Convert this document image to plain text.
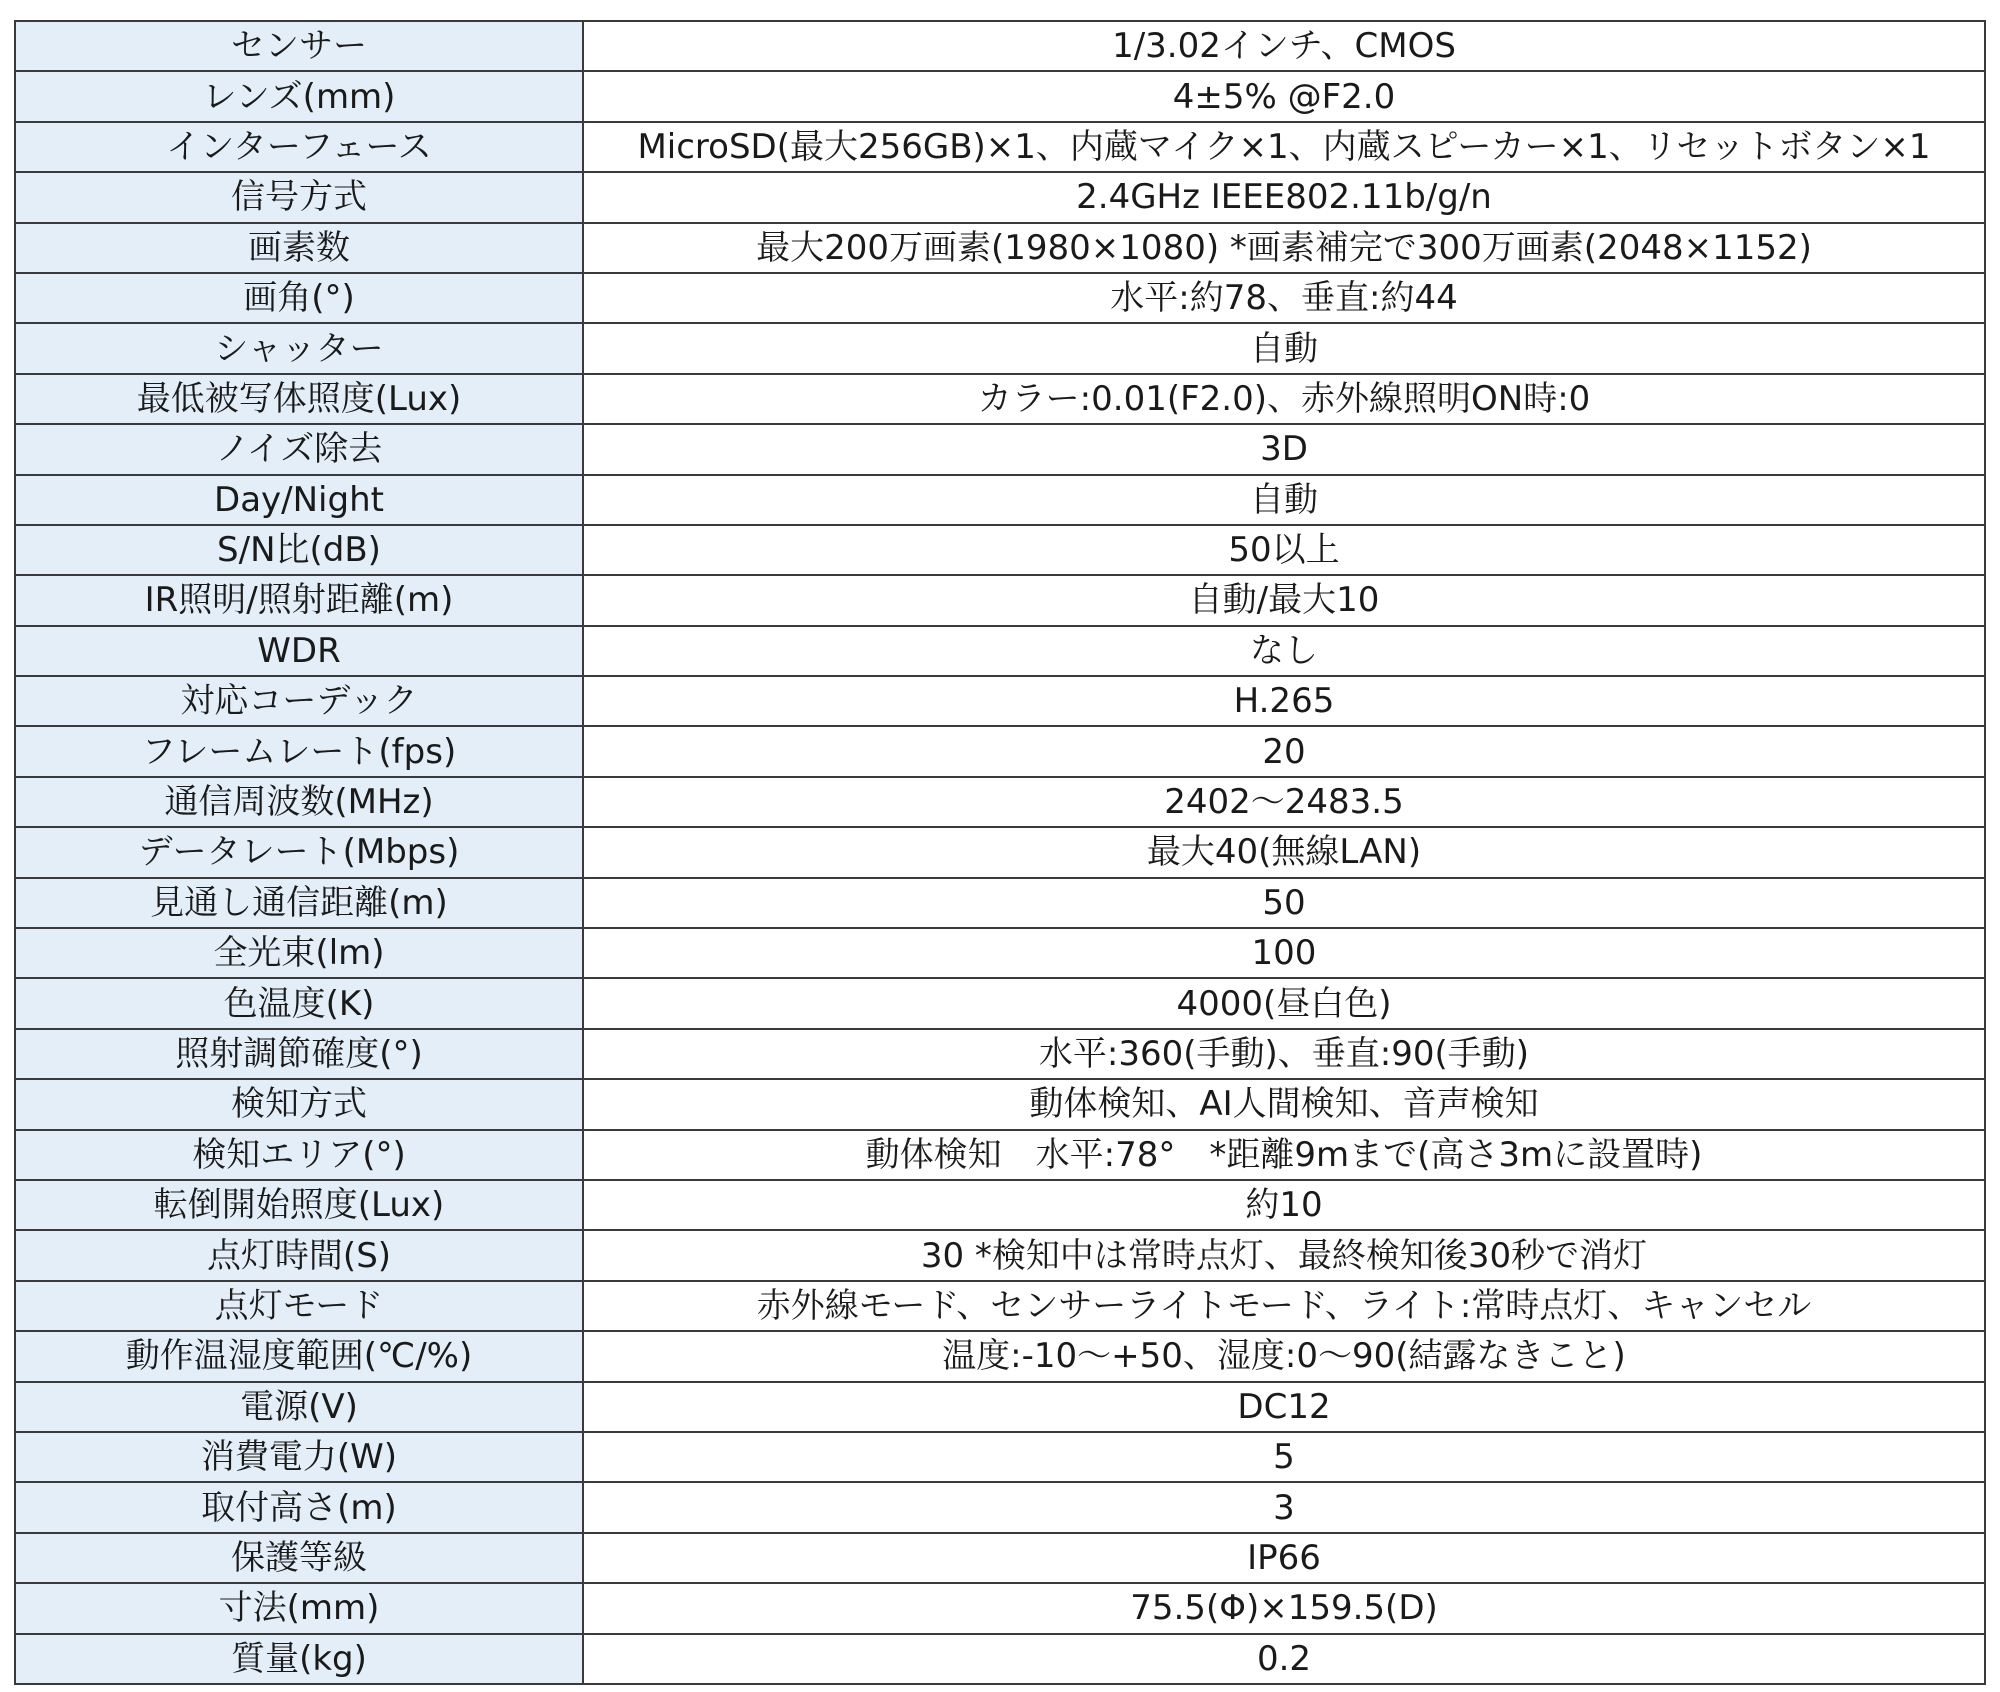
センサー	1/3.02インチ、CMOS
レンズ(mm)	4±5% @F2.0
インターフェース	MicroSD(最大256GB)×1、内蔵マイク×1、内蔵スピーカー×1、リセットボタン×1
信号方式	2.4GHz IEEE802.11b/g/n
画素数	最大200万画素(1980×1080) *画素補完で300万画素(2048×1152)
画角(°)	水平:約78、垂直:約44
シャッター	自動
最低被写体照度(Lux)	カラー:0.01(F2.0)、赤外線照明ON時:0
ノイズ除去	3D
Day/Night	自動
S/N比(dB)	50以上
IR照明/照射距離(m)	自動/最大10
WDR	なし
対応コーデック	H.265
フレームレート(fps)	20
通信周波数(MHz)	2402～2483.5
データレート(Mbps)	最大40(無線LAN)
見通し通信距離(m)	50
全光束(lm)	100
色温度(K)	4000(昼白色)
照射調節確度(°)	水平:360(手動)、垂直:90(手動)
検知方式	動体検知、AI人間検知、音声検知
検知エリア(°)	動体検知　水平:78°　*距離9mまで(高さ3mに設置時)
転倒開始照度(Lux)	約10
点灯時間(S)	30 *検知中は常時点灯、最終検知後30秒で消灯
点灯モード	赤外線モード、センサーライトモード、ライト:常時点灯、キャンセル
動作温湿度範囲(℃/%)	温度:-10～+50、湿度:0～90(結露なきこと)
電源(V)	DC12
消費電力(W)	5
取付高さ(m)	3
保護等級	IP66
寸法(mm)	75.5(Φ)×159.5(D)
質量(kg)	0.2
